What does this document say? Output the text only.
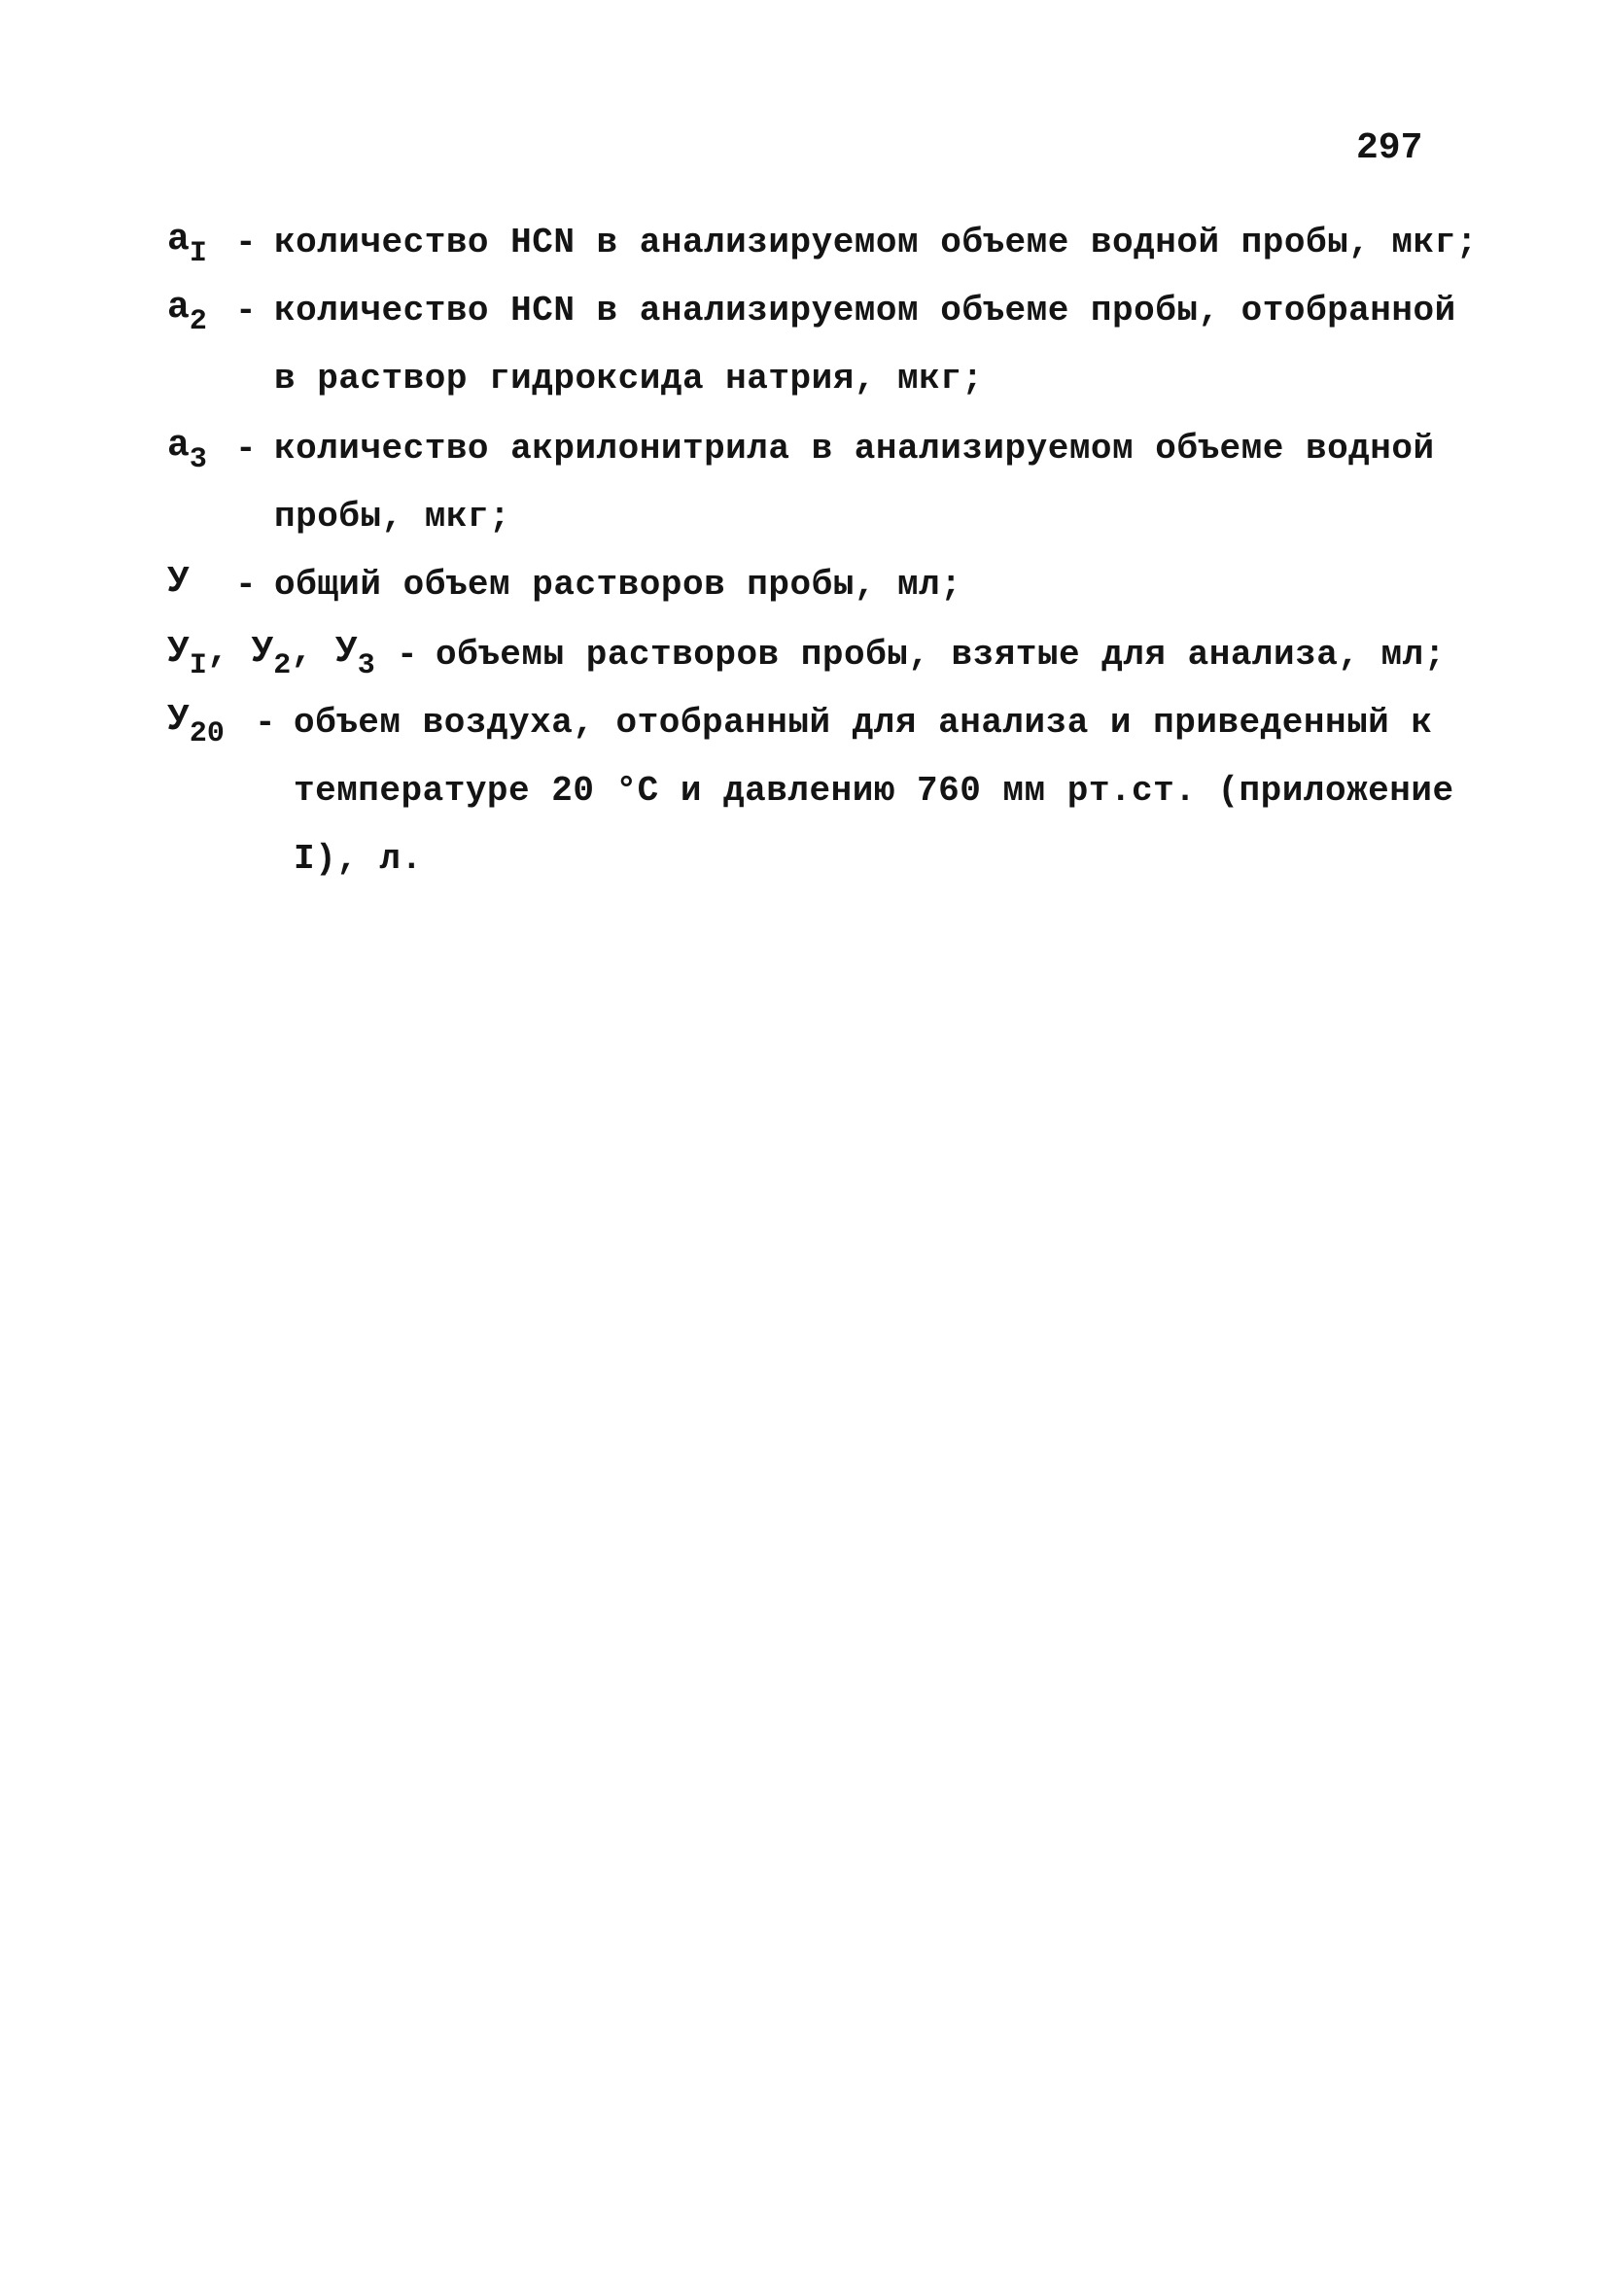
297
$a_I$ - количество HCN в анализируемом объеме водной пробы, мкг;
$a_2$ - количество HCN в анализируемом объеме пробы, отобранной
в раствор гидроксида натрия, мкг;
$a_3$ - количество акрилонитрила в анализируемом объеме водной
пробы, мкг;
У - общий объем растворов пробы, мл;
$У_I$, $У_2$, $У_3$ - объемы растворов пробы, взятые для анализа, мл;
$У_{20}$ - объем воздуха, отобранный для анализа и приведенный к
температуре 20 °С и давлению 760 мм рт.ст. (приложение
I), л.
